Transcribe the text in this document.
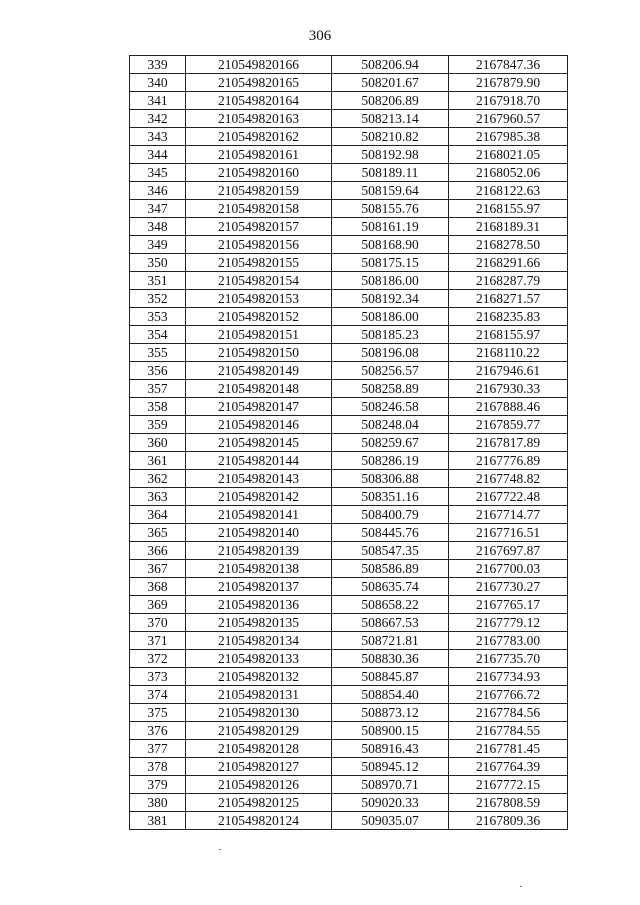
306
339	210549820166	508206.94	2167847.36
340	210549820165	508201.67	2167879.90
341	210549820164	508206.89	2167918.70
342	210549820163	508213.14	2167960.57
343	210549820162	508210.82	2167985.38
344	210549820161	508192.98	2168021.05
345	210549820160	508189.11	2168052.06
346	210549820159	508159.64	2168122.63
347	210549820158	508155.76	2168155.97
348	210549820157	508161.19	2168189.31
349	210549820156	508168.90	2168278.50
350	210549820155	508175.15	2168291.66
351	210549820154	508186.00	2168287.79
352	210549820153	508192.34	2168271.57
353	210549820152	508186.00	2168235.83
354	210549820151	508185.23	2168155.97
355	210549820150	508196.08	2168110.22
356	210549820149	508256.57	2167946.61
357	210549820148	508258.89	2167930.33
358	210549820147	508246.58	2167888.46
359	210549820146	508248.04	2167859.77
360	210549820145	508259.67	2167817.89
361	210549820144	508286.19	2167776.89
362	210549820143	508306.88	2167748.82
363	210549820142	508351.16	2167722.48
364	210549820141	508400.79	2167714.77
365	210549820140	508445.76	2167716.51
366	210549820139	508547.35	2167697.87
367	210549820138	508586.89	2167700.03
368	210549820137	508635.74	2167730.27
369	210549820136	508658.22	2167765.17
370	210549820135	508667.53	2167779.12
371	210549820134	508721.81	2167783.00
372	210549820133	508830.36	2167735.70
373	210549820132	508845.87	2167734.93
374	210549820131	508854.40	2167766.72
375	210549820130	508873.12	2167784.56
376	210549820129	508900.15	2167784.55
377	210549820128	508916.43	2167781.45
378	210549820127	508945.12	2167764.39
379	210549820126	508970.71	2167772.15
380	210549820125	509020.33	2167808.59
381	210549820124	509035.07	2167809.36
